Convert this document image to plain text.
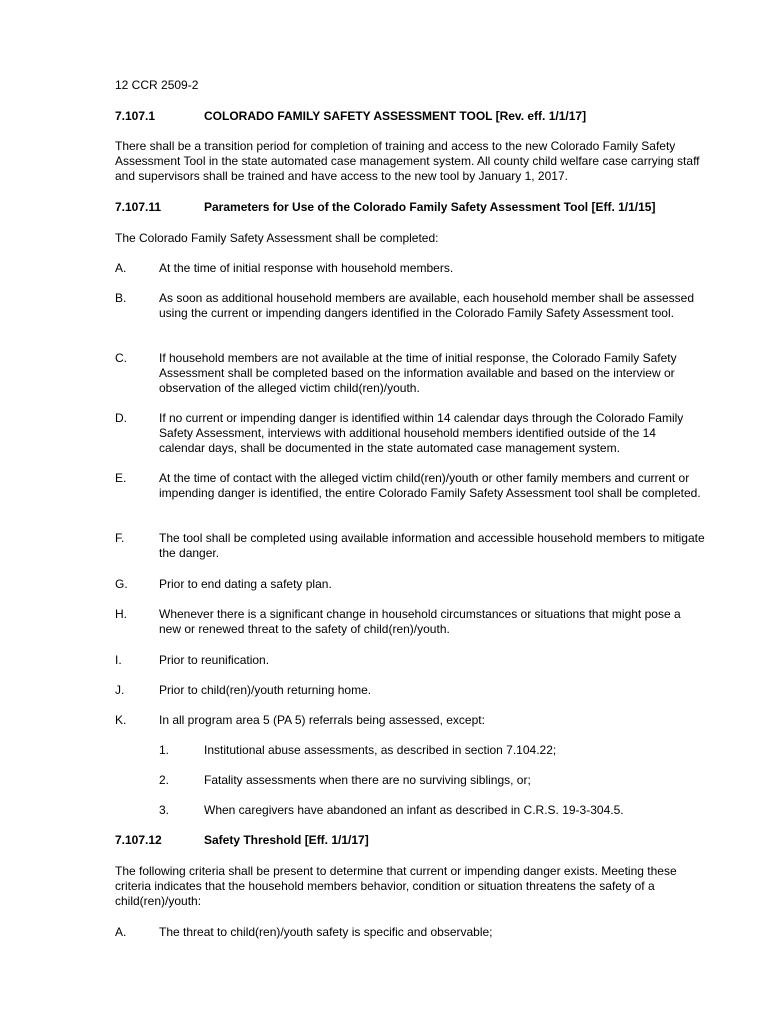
12 CCR 2509-2
7.107.1	COLORADO FAMILY SAFETY ASSESSMENT TOOL [Rev. eff. 1/1/17]
There shall be a transition period for completion of training and access to the new Colorado Family Safety Assessment Tool in the state automated case management system. All county child welfare case carrying staff and supervisors shall be trained and have access to the new tool by January 1, 2017.
7.107.11	Parameters for Use of the Colorado Family Safety Assessment Tool [Eff. 1/1/15]
The Colorado Family Safety Assessment shall be completed:
A.	At the time of initial response with household members.
B.	As soon as additional household members are available, each household member shall be assessed using the current or impending dangers identified in the Colorado Family Safety Assessment tool.
C.	If household members are not available at the time of initial response, the Colorado Family Safety Assessment shall be completed based on the information available and based on the interview or observation of the alleged victim child(ren)/youth.
D.	If no current or impending danger is identified within 14 calendar days through the Colorado Family Safety Assessment, interviews with additional household members identified outside of the 14 calendar days, shall be documented in the state automated case management system.
E.	At the time of contact with the alleged victim child(ren)/youth or other family members and current or impending danger is identified, the entire Colorado Family Safety Assessment tool shall be completed.
F.	The tool shall be completed using available information and accessible household members to mitigate the danger.
G.	Prior to end dating a safety plan.
H.	Whenever there is a significant change in household circumstances or situations that might pose a new or renewed threat to the safety of child(ren)/youth.
I.	Prior to reunification.
J.	Prior to child(ren)/youth returning home.
K.	In all program area 5 (PA 5) referrals being assessed, except:
1.	Institutional abuse assessments, as described in section 7.104.22;
2.	Fatality assessments when there are no surviving siblings, or;
3.	When caregivers have abandoned an infant as described in C.R.S. 19-3-304.5.
7.107.12	Safety Threshold [Eff. 1/1/17]
The following criteria shall be present to determine that current or impending danger exists. Meeting these criteria indicates that the household members behavior, condition or situation threatens the safety of a child(ren)/youth:
A.	The threat to child(ren)/youth safety is specific and observable;
